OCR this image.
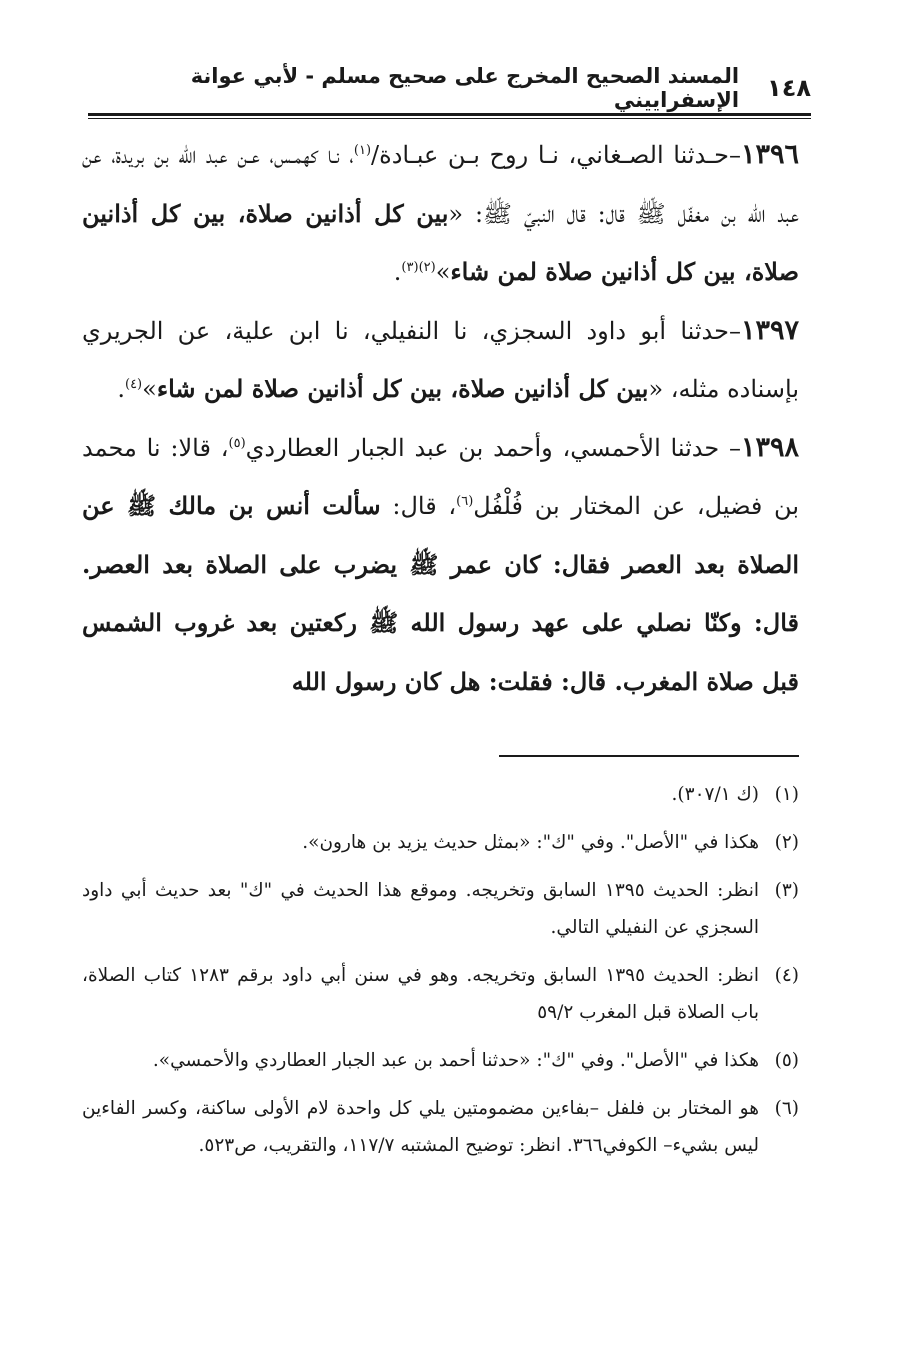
١٤٨
المسند الصحيح المخرج على صحيح مسلم - لأبي عوانة الإسفراييني

١٣٩٦–حـدثنا الصـغاني، نـا روح بـن عبـادة/$^{(١)}$، نـا كهمـس، عـن عبد الله بن بريدة، عن عبد الله بن مغفّل ﷺ قال: قال النبيّ ﷺ: «بين كل أذانين صلاة، بين كل أذانين صلاة، بين كل أذانين صلاة لمن شاء»$^{(٢)(٣)}$.

١٣٩٧–حدثنا أبو داود السجزي، نا النفيلي، نا ابن علية، عن الجريري بإسناده مثله، «بين كل أذانين صلاة، بين كل أذانين صلاة لمن شاء»$^{(٤)}$.

١٣٩٨– حدثنا الأحمسي، وأحمد بن عبد الجبار العطاردي$^{(٥)}$، قالا: نا محمد بن فضيل، عن المختار بن فُلْفُل$^{(٦)}$، قال: سألت أنس بن مالك ﷺ عن الصلاة بعد العصر فقال: كان عمر ﷺ يضرب على الصلاة بعد العصر. قال: وكنّا نصلي على عهد رسول الله ﷺ ركعتين بعد غروب الشمس قبل صلاة المغرب. قال: فقلت: هل كان رسول الله

(١)
(ك ٣٠٧/١).
(٢)
هكذا في "الأصل". وفي "ك": «بمثل حديث يزيد بن هارون».
(٣)
انظر: الحديث ١٣٩٥ السابق وتخريجه. وموقع هذا الحديث في "ك" بعد حديث أبي داود السجزي عن النفيلي التالي.
(٤)
انظر: الحديث ١٣٩٥ السابق وتخريجه. وهو في سنن أبي داود برقم ١٢٨٣ كتاب الصلاة، باب الصلاة قبل المغرب ٥٩/٢
(٥)
هكذا في "الأصل". وفي "ك": «حدثنا أحمد بن عبد الجبار العطاردي والأحمسي».
(٦)
هو المختار بن فلفل –بفاءين مضمومتين يلي كل واحدة لام الأولى ساكنة، وكسر الفاءين ليس بشيء– الكوفي٣٦٦. انظر: توضيح المشتبه ١١٧/٧، والتقريب، ص٥٢٣.
